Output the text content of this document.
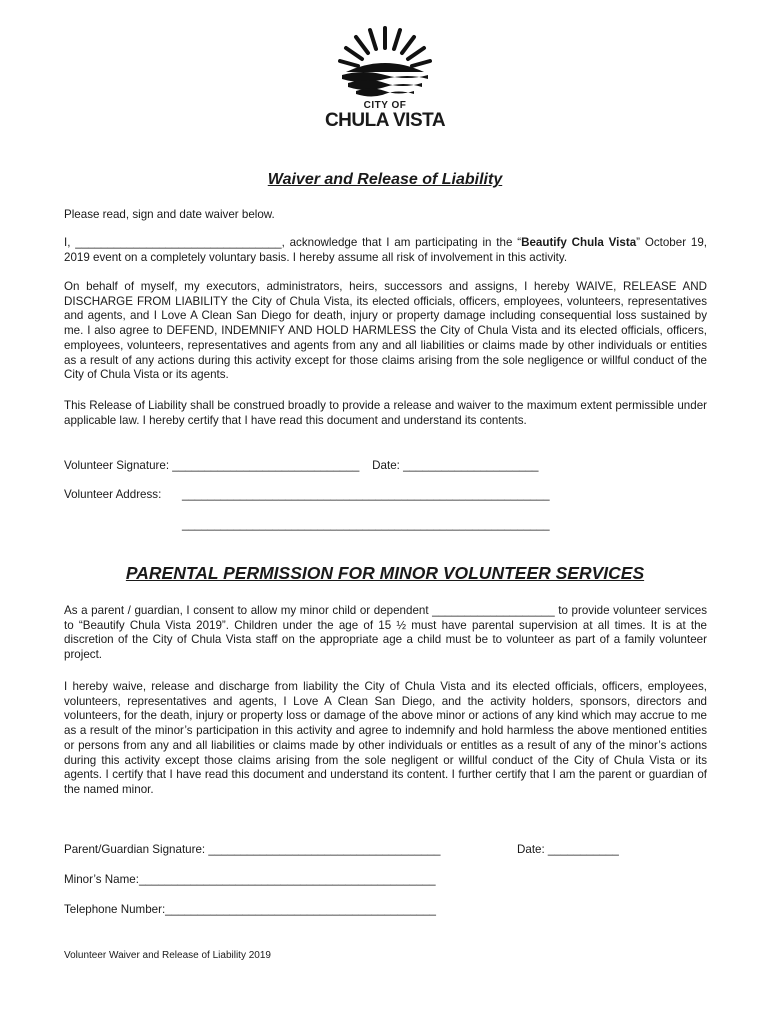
CITY OF
CHULA VISTA
Waiver and Release of Liability

Please read, sign and date waiver below.

I, ________________________________, acknowledge that I am participating in the “Beautify Chula Vista” October 19, 2019 event on a completely voluntary basis. I hereby assume all risk of involvement in this activity.

On behalf of myself, my executors, administrators, heirs, successors and assigns, I hereby WAIVE, RELEASE AND DISCHARGE FROM LIABILITY the City of Chula Vista, its elected officials, officers, employees, volunteers, representatives and agents, and I Love A Clean San Diego for death, injury or property damage including consequential loss sustained by me. I also agree to DEFEND, INDEMNIFY AND HOLD HARMLESS the City of Chula Vista and its elected officials, officers, employees, volunteers, representatives and agents from any and all liabilities or claims made by other individuals or entities as a result of any actions during this activity except for those claims arising from the sole negligence or willful conduct of the City of Chula Vista or its agents.

This Release of Liability shall be construed broadly to provide a release and waiver to the maximum extent permissible under applicable law. I hereby certify that I have read this document and understand its contents.

Volunteer Signature: _____________________________    Date: _____________________
Volunteer Address: _________________________________________________________
_________________________________________________________
PARENTAL PERMISSION FOR MINOR VOLUNTEER SERVICES

As a parent / guardian, I consent to allow my minor child or dependent ___________________ to provide volunteer services to “Beautify Chula Vista 2019”. Children under the age of 15 ½ must have parental supervision at all times. It is at the discretion of the City of Chula Vista staff on the appropriate age a child must be to volunteer as part of a family volunteer project.

I hereby waive, release and discharge from liability the City of Chula Vista and its elected officials, officers, employees, volunteers, representatives and agents, I Love A Clean San Diego, and the activity holders, sponsors, directors and volunteers, for the death, injury or property loss or damage of the above minor or actions of any kind which may accrue to me as a result of the minor’s participation in this activity and agree to indemnify and hold harmless the above mentioned entities or persons from any and all liabilities or claims made by other individuals or entitles as a result of any of the minor’s actions during this activity except those claims arising from the sole negligent or willful conduct of the City of Chula Vista or its agents. I certify that I have read this document and understand its content. I further certify that I am the parent or guardian of the named minor.

Parent/Guardian Signature: ____________________________________	Date: ___________
Minor’s Name:______________________________________________
Telephone Number:__________________________________________
Volunteer Waiver and Release of Liability 2019
